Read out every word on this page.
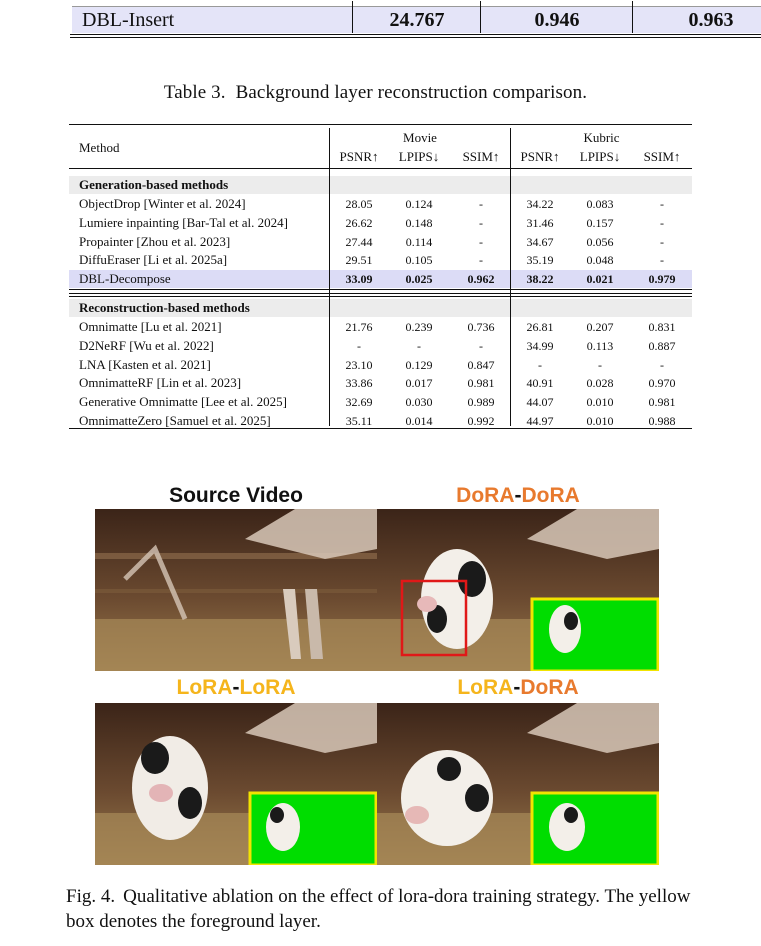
DBL-Insert	24.767	0.946	0.963
Table 3. Background layer reconstruction comparison.
Method
Movie	Kubric
PSNR↑	LPIPS↓	SSIM↑	PSNR↑	LPIPS↓	SSIM↑
Generation-based methods
ObjectDrop [Winter et al. 2024]	28.05	0.124	-	34.22	0.083	-
Lumiere inpainting [Bar-Tal et al. 2024]	26.62	0.148	-	31.46	0.157	-
Propainter [Zhou et al. 2023]	27.44	0.114	-	34.67	0.056	-
DiffuEraser [Li et al. 2025a]	29.51	0.105	-	35.19	0.048	-
DBL-Decompose	33.09	0.025	0.962	38.22	0.021	0.979
Reconstruction-based methods
Omnimatte [Lu et al. 2021]	21.76	0.239	0.736	26.81	0.207	0.831
D2NeRF [Wu et al. 2022]	-	-	-	34.99	0.113	0.887
LNA [Kasten et al. 2021]	23.10	0.129	0.847	-	-	-
OmnimatteRF [Lin et al. 2023]	33.86	0.017	0.981	40.91	0.028	0.970
Generative Omnimatte [Lee et al. 2025]	32.69	0.030	0.989	44.07	0.010	0.981
OmnimatteZero [Samuel et al. 2025]	35.11	0.014	0.992	44.97	0.010	0.988
Source Video	DoRA-DoRA
LoRA-LoRA	LoRA-DoRA
Fig. 4. Qualitative ablation on the effect of lora-dora training strategy. The yellow box denotes the foreground layer.
